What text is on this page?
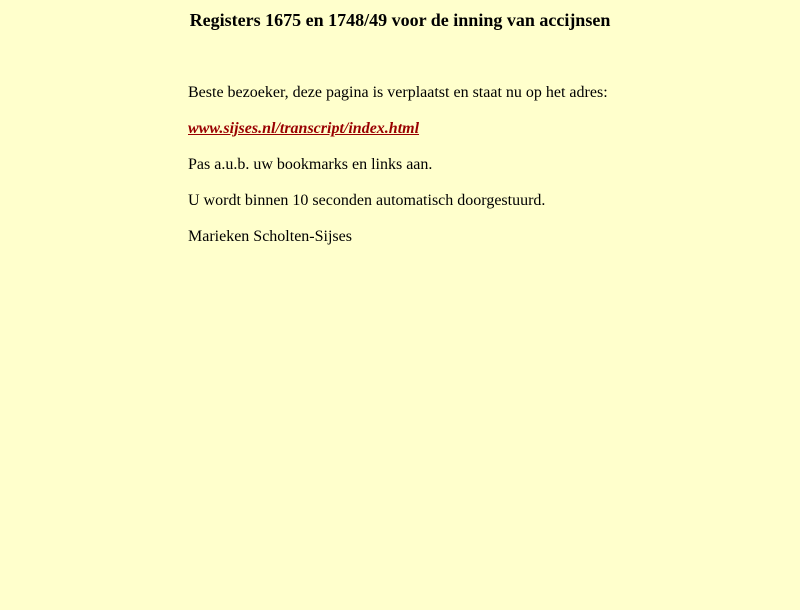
Registers 1675 en 1748/49 voor de inning van accijnsen

Beste bezoeker, deze pagina is verplaatst en staat nu op het adres:

www.sijses.nl/transcript/index.html

Pas a.u.b. uw bookmarks en links aan.

U wordt binnen 10 seconden automatisch doorgestuurd.

Marieken Scholten-Sijses
